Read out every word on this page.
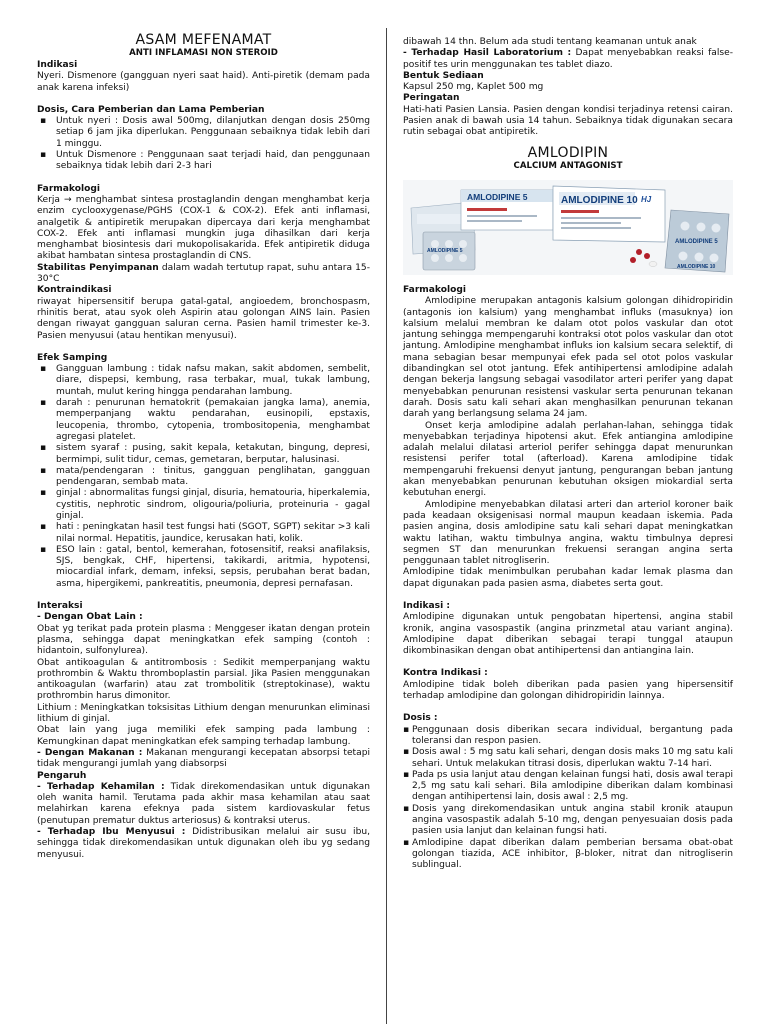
ASAM MEFENAMAT
ANTI INFLAMASI NON STEROID

Indikasi

Nyeri. Dismenore (gangguan nyeri saat haid). Anti-piretik (demam pada anak karena infeksi)

Dosis, Cara Pemberian dan Lama Pemberian

▪ Untuk nyeri : Dosis awal 500mg, dilanjutkan dengan dosis 250mg setiap 6 jam jika diperlukan. Penggunaan sebaiknya tidak lebih dari 1 minggu.
▪ Untuk Dismenore : Penggunaan saat terjadi haid, dan penggunaan sebaiknya tidak lebih dari 2-3 hari

Farmakologi

Kerja → menghambat sintesa prostaglandin dengan menghambat kerja enzim cyclooxygenase/PGHS (COX-1 & COX-2). Efek anti inflamasi, analgetik & antipiretik merupakan dipercaya dari kerja menghambat COX-2. Efek anti inflamasi mungkin juga dihasilkan dari kerja menghambat biosintesis dari mukopolisakarida. Efek antipiretik diduga akibat hambatan sintesa prostaglandin di CNS.

Stabilitas Penyimpanan dalam wadah tertutup rapat, suhu antara 15-30°C

Kontraindikasi

riwayat hipersensitif berupa gatal-gatal, angioedem, bronchospasm, rhinitis berat, atau syok oleh Aspirin atau golongan AINS lain. Pasien dengan riwayat gangguan saluran cerna. Pasien hamil trimester ke-3. Pasien menyusui (atau hentikan menyusui).

Efek Samping

▪ Gangguan lambung : tidak nafsu makan, sakit abdomen, sembelit, diare, dispepsi, kembung, rasa terbakar, mual, tukak lambung, muntah, mulut kering hingga pendarahan lambung.
▪ darah : penurunan hematokrit (pemakaian jangka lama), anemia, memperpanjang waktu pendarahan, eusinopili, epstaxis, leucopenia, thrombo, cytopenia, trombositopenia, menghambat agregasi platelet.
▪ sistem syaraf : pusing, sakit kepala, ketakutan, bingung, depresi, bermimpi, sulit tidur, cemas, gemetaran, berputar, halusinasi.
▪ mata/pendengaran : tinitus, gangguan penglihatan, gangguan pendengaran, sembab mata.
▪ ginjal : abnormalitas fungsi ginjal, disuria, hematouria, hiperkalemia, cystitis, nephrotic sindrom, oligouria/poliuria, proteinuria - gagal ginjal.
▪ hati : peningkatan hasil test fungsi hati (SGOT, SGPT) sekitar >3 kali nilai normal. Hepatitis, jaundice, kerusakan hati, kolik.
▪ ESO lain : gatal, bentol, kemerahan, fotosensitif, reaksi anafilaksis, SJS, bengkak, CHF, hipertensi, takikardi, aritmia, hypotensi, miocardial infark, demam, infeksi, sepsis, perubahan berat badan, asma, hipergikemi, pankreatitis, pneumonia, depresi pernafasan.

Interaksi

- Dengan Obat Lain :

Obat yg terikat pada protein plasma : Menggeser ikatan dengan protein plasma, sehingga dapat meningkatkan efek samping (contoh : hidantoin, sulfonylurea).

Obat antikoagulan & antitrombosis : Sedikit memperpanjang waktu prothrombin & Waktu thromboplastin parsial. Jika Pasien menggunakan antikoagulan (warfarin) atau zat trombolitik (streptokinase), waktu prothrombin harus dimonitor.

Lithium : Meningkatkan toksisitas Lithium dengan menurunkan eliminasi lithium di ginjal.

Obat lain yang juga memiliki efek samping pada lambung : Kemungkinan dapat meningkatkan efek samping terhadap lambung.

- Dengan Makanan : Makanan mengurangi kecepatan absorpsi tetapi tidak mengurangi jumlah yang diabsorpsi

Pengaruh

- Terhadap Kehamilan : Tidak direkomendasikan untuk digunakan oleh wanita hamil. Terutama pada akhir masa kehamilan atau saat melahirkan karena efeknya pada sistem kardiovaskular fetus (penutupan prematur duktus arteriosus) & kontraksi uterus.

- Terhadap Ibu Menyusui : Didistribusikan melalui air susu ibu, sehingga tidak direkomendasikan untuk digunakan oleh ibu yg sedang menyusui.

dibawah 14 thn. Belum ada studi tentang keamanan untuk anak

- Terhadap Hasil Laboratorium : Dapat menyebabkan reaksi false-positif tes urin menggunakan tes tablet diazo.

Bentuk Sediaan

Kapsul 250 mg, Kaplet 500 mg

Peringatan

Hati-hati Pasien Lansia. Pasien dengan kondisi terjadinya retensi cairan. Pasien anak di bawah usia 14 tahun. Sebaiknya tidak digunakan secara rutin sebagai obat antipiretik.

AMLODIPIN
CALCIUM ANTAGONIST
AMLODIPINE 5
AMLODIPINE 5	AMLODIPINE 10 HJ
AMLODIPINE 5
AMLODIPINE 10

Farmakologi

Amlodipine merupakan antagonis kalsium golongan dihidropiridin (antagonis ion kalsium) yang menghambat influks (masuknya) ion kalsium melalui membran ke dalam otot polos vaskular dan otot jantung sehingga mempengaruhi kontraksi otot polos vaskular dan otot jantung. Amlodipine menghambat influks ion kalsium secara selektif, di mana sebagian besar mempunyai efek pada sel otot polos vaskular dibandingkan sel otot jantung. Efek antihipertensi amlodipine adalah dengan bekerja langsung sebagai vasodilator arteri perifer yang dapat menyebabkan penurunan resistensi vaskular serta penurunan tekanan darah. Dosis satu kali sehari akan menghasilkan penurunan tekanan darah yang berlangsung selama 24 jam.

Onset kerja amlodipine adalah perlahan-lahan, sehingga tidak menyebabkan terjadinya hipotensi akut. Efek antiangina amlodipine adalah melalui dilatasi arteriol perifer sehingga dapat menurunkan resistensi perifer total (afterload). Karena amlodipine tidak mempengaruhi frekuensi denyut jantung, pengurangan beban jantung akan menyebabkan penurunan kebutuhan oksigen miokardial serta kebutuhan energi.

Amlodipine menyebabkan dilatasi arteri dan arteriol koroner baik pada keadaan oksigenisasi normal maupun keadaan iskemia. Pada pasien angina, dosis amlodipine satu kali sehari dapat meningkatkan waktu latihan, waktu timbulnya angina, waktu timbulnya depresi segmen ST dan menurunkan frekuensi serangan angina serta penggunaan tablet nitrogliserin.

Amlodipine tidak menimbulkan perubahan kadar lemak plasma dan dapat digunakan pada pasien asma, diabetes serta gout.

Indikasi :

Amlodipine digunakan untuk pengobatan hipertensi, angina stabil kronik, angina vasospastik (angina prinzmetal atau variant angina). Amlodipine dapat diberikan sebagai terapi tunggal ataupun dikombinasikan dengan obat antihipertensi dan antiangina lain.

Kontra Indikasi :

Amlodipine tidak boleh diberikan pada pasien yang hipersensitif terhadap amlodipine dan golongan dihidropiridin lainnya.

Dosis :

▪ Penggunaan dosis diberikan secara individual, bergantung pada toleransi dan respon pasien.
▪ Dosis awal : 5 mg satu kali sehari, dengan dosis maks 10 mg satu kali sehari. Untuk melakukan titrasi dosis, diperlukan waktu 7-14 hari.
▪ Pada ps usia lanjut atau dengan kelainan fungsi hati, dosis awal terapi 2,5 mg satu kali sehari. Bila amlodipine diberikan dalam kombinasi dengan antihipertensi lain, dosis awal : 2,5 mg.
▪ Dosis yang direkomendasikan untuk angina stabil kronik ataupun angina vasospastik adalah 5-10 mg, dengan penyesuaian dosis pada pasien usia lanjut dan kelainan fungsi hati.
▪ Amlodipine dapat diberikan dalam pemberian bersama obat-obat golongan tiazida, ACE inhibitor, β-bloker, nitrat dan nitrogliserin sublingual.
